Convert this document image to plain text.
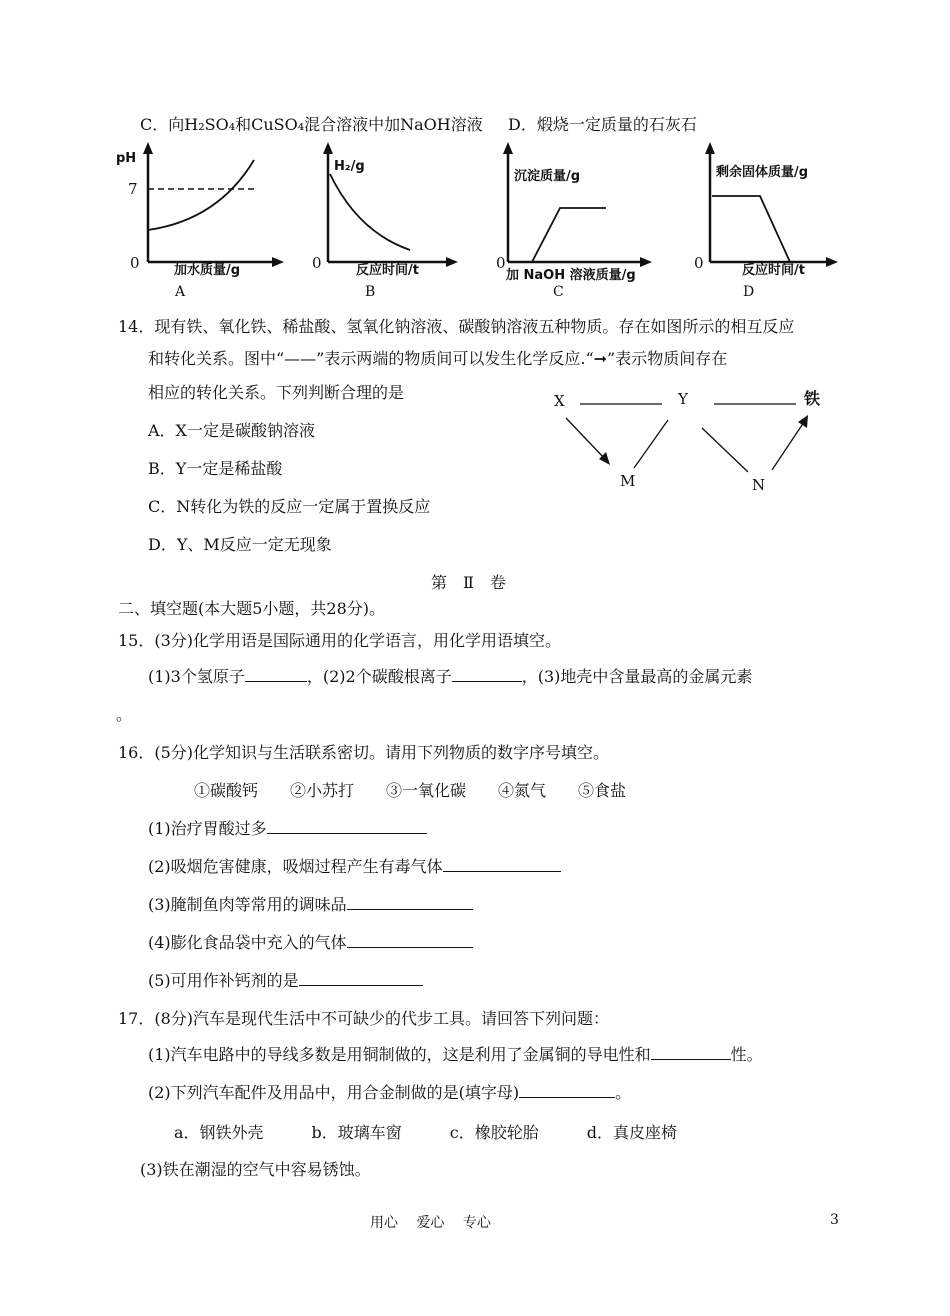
C．向H₂SO₄和CuSO₄混合溶液中加NaOH溶液 D．煅烧一定质量的石灰石
pH
7
0	加水质量/g
A
H₂/g
0	反应时间/t
B
沉淀质量/g
0
加 NaOH 溶液质量/g
C
剩余固体质量/g
0	反应时间/t
D
14．现有铁、氧化铁、稀盐酸、氢氧化钠溶液、碳酸钠溶液五种物质。存在如图所示的相互反应
和转化关系。图中“——”表示两端的物质间可以发生化学反应.“➞”表示物质间存在
相应的转化关系。下列判断合理的是
A．X一定是碳酸钠溶液
B．Y一定是稀盐酸
C．N转化为铁的反应一定属于置换反应
D．Y、M反应一定无现象
X	Y	铁
M	N
第　Ⅱ　卷
二、填空题(本大题5小题，共28分)。
15．(3分)化学用语是国际通用的化学语言，用化学用语填空。
(1)3个氢原子	，(2)2个碳酸根离子	，(3)地壳中含量最高的金属元素
。
16．(5分)化学知识与生活联系密切。请用下列物质的数字序号填空。
①碳酸钙　　②小苏打　　③一氧化碳　　④氮气　　⑤食盐
(1)治疗胃酸过多
(2)吸烟危害健康，吸烟过程产生有毒气体
(3)腌制鱼肉等常用的调味品
(4)膨化食品袋中充入的气体
(5)可用作补钙剂的是
17．(8分)汽车是现代生活中不可缺少的代步工具。请回答下列问题：
(1)汽车电路中的导线多数是用铜制做的，这是利用了金属铜的导电性和	性。
(2)下列汽车配件及用品中，用合金制做的是(填字母)	。
a．钢铁外壳　　　b．玻璃车窗　　　c．橡胶轮胎　　　d．真皮座椅
(3)铁在潮湿的空气中容易锈蚀。
用心　 爱心　 专心	3
